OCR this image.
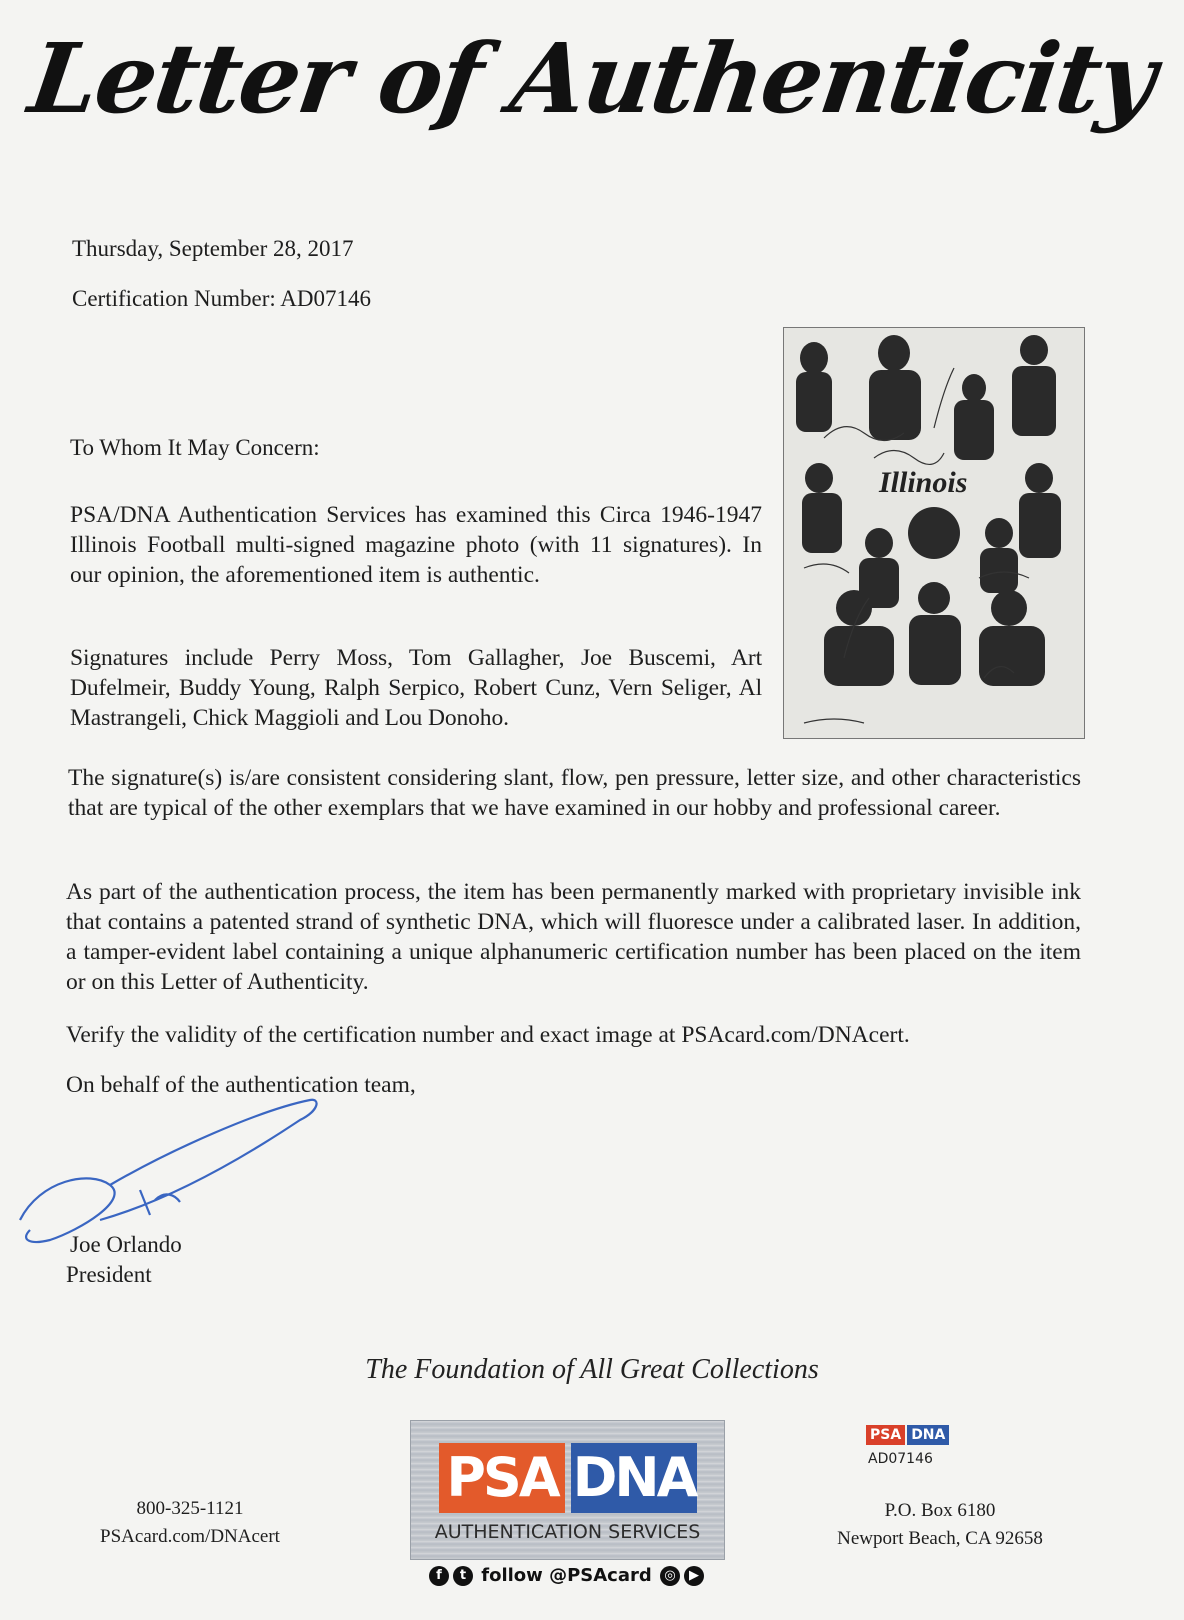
Letter of Authenticity
Thursday, September 28, 2017
Certification Number: AD07146
To Whom It May Concern:
PSA/DNA Authentication Services has examined this Circa 1946-1947 Illinois Football multi-signed magazine photo (with 11 signatures). In our opinion, the aforementioned item is authentic.
Signatures include Perry Moss, Tom Gallagher, Joe Buscemi, Art Dufelmeir, Buddy Young, Ralph Serpico, Robert Cunz, Vern Seliger, Al Mastrangeli, Chick Maggioli and Lou Donoho.
The signature(s) is/are consistent considering slant, flow, pen pressure, letter size, and other characteristics that are typical of the other exemplars that we have examined in our hobby and professional career.
As part of the authentication process, the item has been permanently marked with proprietary invisible ink that contains a patented strand of synthetic DNA, which will fluoresce under a calibrated laser. In addition, a tamper-evident label containing a unique alphanumeric certification number has been placed on the item or on this Letter of Authenticity.
Verify the validity of the certification number and exact image at PSAcard.com/DNAcert.
On behalf of the authentication team,
Illinois
Joe Orlando
President
The Foundation of All Great Collections
800-325-1121
PSAcard.com/DNAcert
PSA DNA
AUTHENTICATION SERVICES
f t follow @PSAcard ◎ ▶
PSA DNA
AD07146
P.O. Box 6180
Newport Beach, CA 92658
